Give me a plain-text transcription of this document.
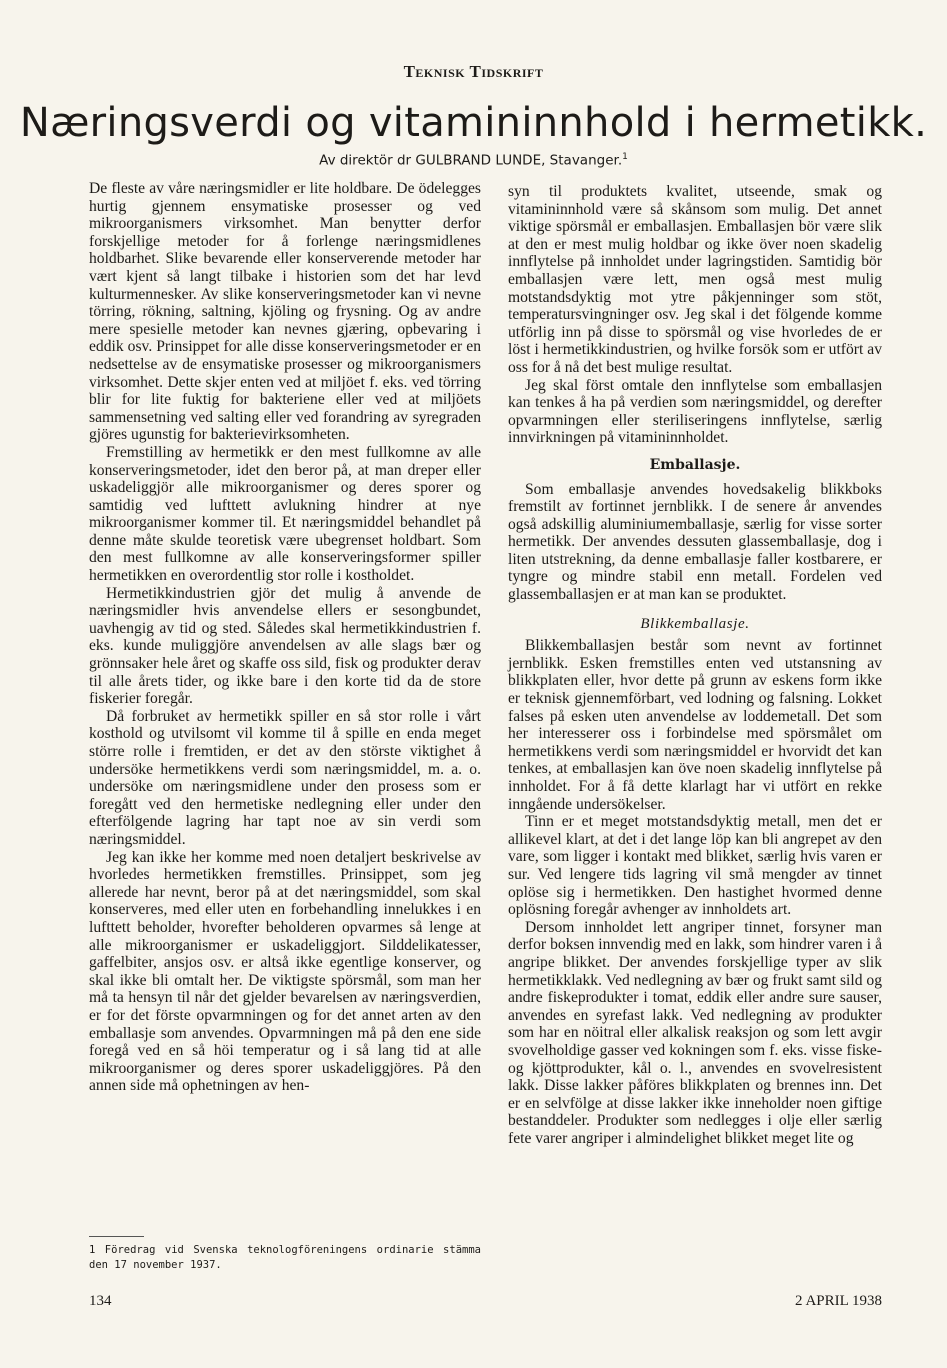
Teknisk Tidskrift
Næringsverdi og vitamininnhold i hermetikk.
Av direktör dr GULBRAND LUNDE, Stavanger.$^1$

De fleste av våre næringsmidler er lite holdbare. De ödelegges hurtig gjennem ensymatiske prosesser og ved mikroorganismers virksomhet. Man benytter derfor forskjellige metoder for å forlenge næringsmidlenes holdbarhet. Slike bevarende eller konserverende metoder har vært kjent så langt tilbake i historien som det har levd kulturmennesker. Av slike konserveringsmetoder kan vi nevne törring, rökning, saltning, kjöling og frysning. Og av andre mere spesielle metoder kan nevnes gjæring, opbevaring i eddik osv. Prinsippet for alle disse konserveringsmetoder er en nedsettelse av de ensymatiske prosesser og mikroorganismers virksomhet. Dette skjer enten ved at miljöet f. eks. ved törring blir for lite fuktig for bakteriene eller ved at miljöets sammensetning ved salting eller ved forandring av syregraden gjöres ugunstig for bakterievirksomheten.

Fremstilling av hermetikk er den mest fullkomne av alle konserveringsmetoder, idet den beror på, at man dreper eller uskadeliggjör alle mikroorganismer og deres sporer og samtidig ved lufttett avlukning hindrer at nye mikroorganismer kommer til. Et næringsmiddel behandlet på denne måte skulde teoretisk være ubegrenset holdbart. Som den mest fullkomne av alle konserveringsformer spiller hermetikken en overordentlig stor rolle i kostholdet.

Hermetikkindustrien gjör det mulig å anvende de næringsmidler hvis anvendelse ellers er sesongbundet, uavhengig av tid og sted. Således skal hermetikkindustrien f. eks. kunde muliggjöre anvendelsen av alle slags bær og grönnsaker hele året og skaffe oss sild, fisk og produkter derav til alle årets tider, og ikke bare i den korte tid da de store fiskerier foregår.

Då forbruket av hermetikk spiller en så stor rolle i vårt kosthold og utvilsomt vil komme til å spille en enda meget större rolle i fremtiden, er det av den störste viktighet å undersöke hermetikkens verdi som næringsmiddel, m. a. o. undersöke om næringsmidlene under den prosess som er foregått ved den hermetiske nedlegning eller under den efterfölgende lagring har tapt noe av sin verdi som næringsmiddel.

Jeg kan ikke her komme med noen detaljert beskrivelse av hvorledes hermetikken fremstilles. Prinsippet, som jeg allerede har nevnt, beror på at det næringsmiddel, som skal konserveres, med eller uten en forbehandling innelukkes i en lufttett beholder, hvorefter beholderen opvarmes så lenge at alle mikroorganismer er uskadeliggjort. Silddelikatesser, gaffelbiter, ansjos osv. er altså ikke egentlige konserver, og skal ikke bli omtalt her. De viktigste spörsmål, som man her må ta hensyn til når det gjelder bevarelsen av næringsverdien, er for det förste opvarmningen og for det annet arten av den emballasje som anvendes. Opvarmningen må på den ene side foregå ved en så höi temperatur og i så lang tid at alle mikroorganismer og deres sporer uskadeliggjöres. På den annen side må ophetningen av hen-

syn til produktets kvalitet, utseende, smak og vitamininnhold være så skånsom som mulig. Det annet viktige spörsmål er emballasjen. Emballasjen bör være slik at den er mest mulig holdbar og ikke över noen skadelig innflytelse på innholdet under lagringstiden. Samtidig bör emballasjen være lett, men også mest mulig motstandsdyktig mot ytre påkjenninger som stöt, temperatursvingninger osv. Jeg skal i det fölgende komme utförlig inn på disse to spörsmål og vise hvorledes de er löst i hermetikkindustrien, og hvilke forsök som er utfört av oss for å nå det best mulige resultat.

Jeg skal först omtale den innflytelse som emballasjen kan tenkes å ha på verdien som næringsmiddel, og derefter opvarmningen eller steriliseringens innflytelse, særlig innvirkningen på vitamininnholdet.

Emballasje.

Som emballasje anvendes hovedsakelig blikkboks fremstilt av fortinnet jernblikk. I de senere år anvendes også adskillig aluminiumemballasje, særlig for visse sorter hermetikk. Der anvendes dessuten glassemballasje, dog i liten utstrekning, da denne emballasje faller kostbarere, er tyngre og mindre stabil enn metall. Fordelen ved glassemballasjen er at man kan se produktet.

Blikkemballasje.

Blikkemballasjen består som nevnt av fortinnet jernblikk. Esken fremstilles enten ved utstansning av blikkplaten eller, hvor dette på grunn av eskens form ikke er teknisk gjennemförbart, ved lodning og falsning. Lokket falses på esken uten anvendelse av loddemetall. Det som her interesserer oss i forbindelse med spörsmålet om hermetikkens verdi som næringsmiddel er hvorvidt det kan tenkes, at emballasjen kan öve noen skadelig innflytelse på innholdet. For å få dette klarlagt har vi utfört en rekke inngående undersökelser.

Tinn er et meget motstandsdyktig metall, men det er allikevel klart, at det i det lange löp kan bli angrepet av den vare, som ligger i kontakt med blikket, særlig hvis varen er sur. Ved lengere tids lagring vil små mengder av tinnet oplöse sig i hermetikken. Den hastighet hvormed denne oplösning foregår avhenger av innholdets art.

Dersom innholdet lett angriper tinnet, forsyner man derfor boksen innvendig med en lakk, som hindrer varen i å angripe blikket. Der anvendes forskjellige typer av slik hermetikklakk. Ved nedlegning av bær og frukt samt sild og andre fiskeprodukter i tomat, eddik eller andre sure sauser, anvendes en syrefast lakk. Ved nedlegning av produkter som har en nöitral eller alkalisk reaksjon og som lett avgir svovelholdige gasser ved kokningen som f. eks. visse fiske- og kjöttprodukter, kål o. l., anvendes en svovelresistent lakk. Disse lakker påföres blikkplaten og brennes inn. Det er en selvfölge at disse lakker ikke inneholder noen giftige bestanddeler. Produkter som nedlegges i olje eller særlig fete varer angriper i almindelighet blikket meget lite og

1 Föredrag vid Svenska teknologföreningens ordinarie stämma den 17 november 1937.
134	2 APRIL 1938
